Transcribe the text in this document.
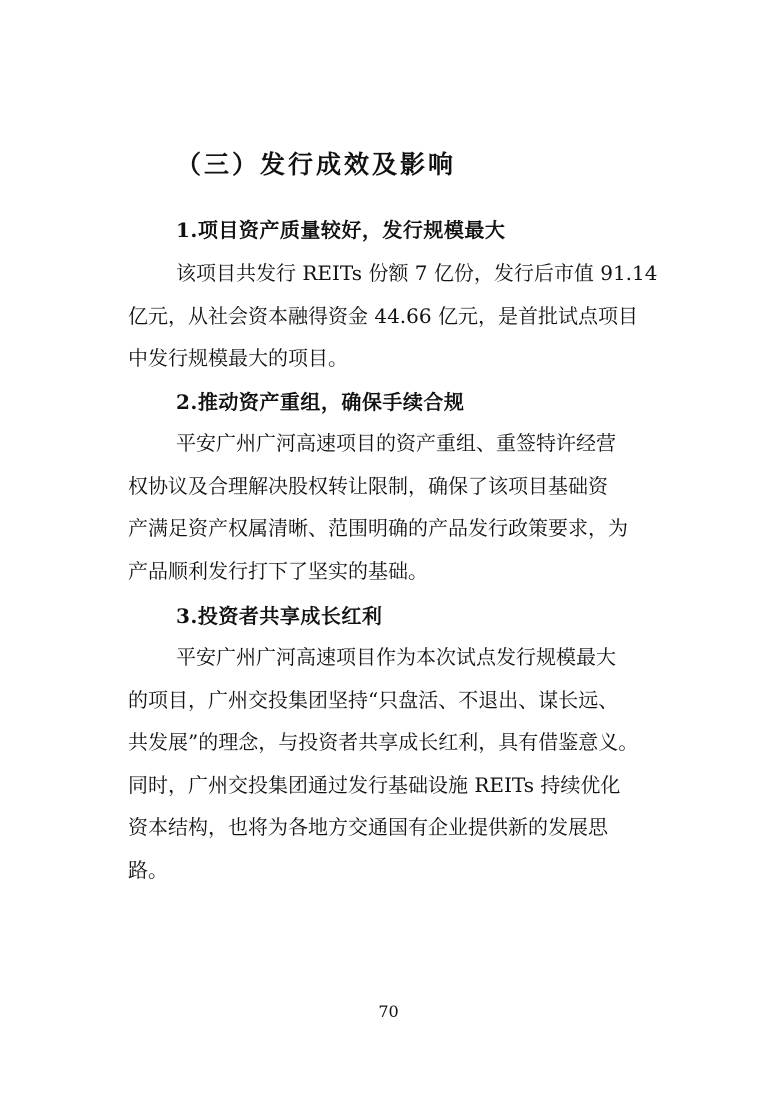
（三）发行成效及影响
1.项目资产质量较好，发行规模最大
该项目共发行 REITs 份额 7 亿份，发行后市值 91.14
亿元，从社会资本融得资金 44.66 亿元，是首批试点项目
中发行规模最大的项目。
2.推动资产重组，确保手续合规
平安广州广河高速项目的资产重组、重签特许经营
权协议及合理解决股权转让限制，确保了该项目基础资
产满足资产权属清晰、范围明确的产品发行政策要求，为
产品顺利发行打下了坚实的基础。
3.投资者共享成长红利
平安广州广河高速项目作为本次试点发行规模最大
的项目，广州交投集团坚持“只盘活、不退出、谋长远、
共发展”的理念，与投资者共享成长红利，具有借鉴意义。
同时，广州交投集团通过发行基础设施 REITs 持续优化
资本结构，也将为各地方交通国有企业提供新的发展思
路。
70
